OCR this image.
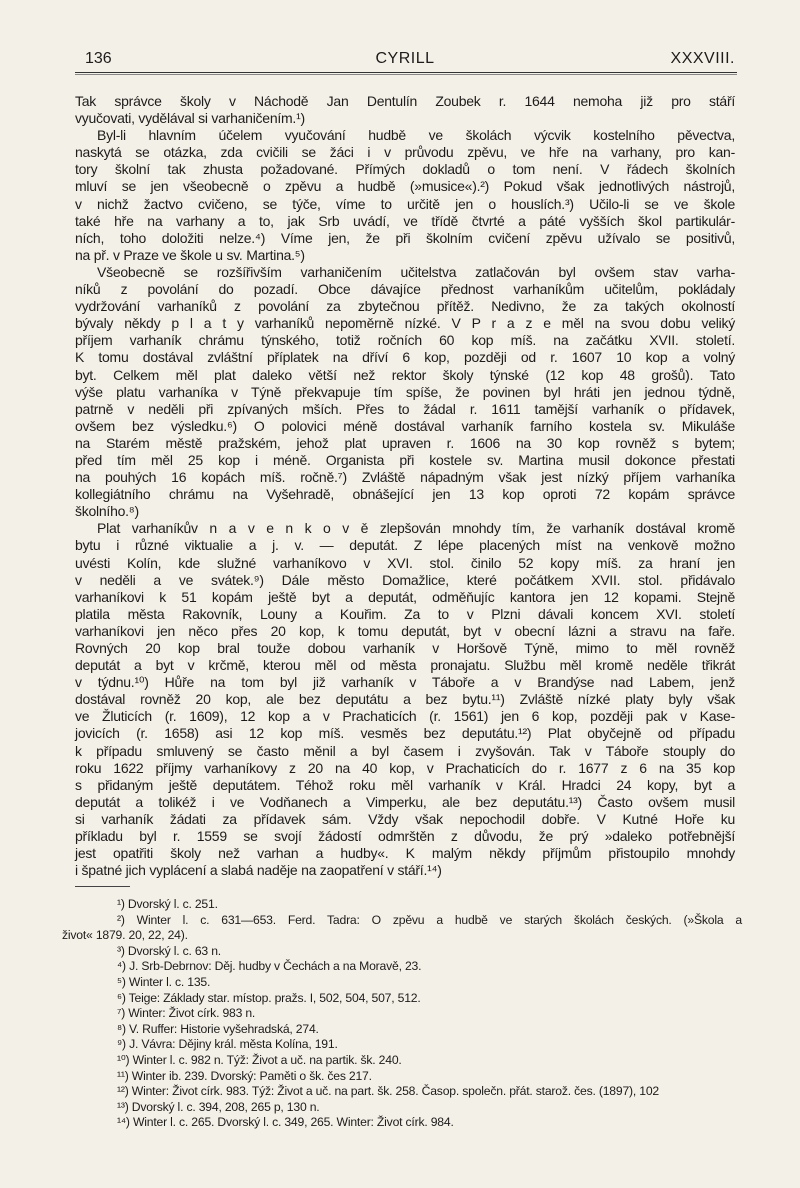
136	CYRILL	XXXVIII.
Tak správce školy v Náchodě Jan Dentulín Zoubek r. 1644 nemoha již pro stáří
vyučovati, vydělával si varhaničením.¹)
Byl-li hlavním účelem vyučování hudbě ve školách výcvik kostelního pěvectva,
naskytá se otázka, zda cvičili se žáci i v průvodu zpěvu, ve hře na varhany, pro kan-
tory školní tak zhusta požadované. Přímých dokladů o tom není. V řádech školních
mluví se jen všeobecně o zpěvu a hudbě (»musice«).²) Pokud však jednotlivých nástrojů,
v nichž žactvo cvičeno, se týče, víme to určitě jen o houslích.³) Učilo-li se ve škole
také hře na varhany a to, jak Srb uvádí, ve třídě čtvrté a páté vyšších škol partikulár-
ních, toho doložiti nelze.⁴) Víme jen, že při školním cvičení zpěvu užívalo se positivů,
na př. v Praze ve škole u sv. Martina.⁵)
Všeobecně se rozšířivším varhaničením učitelstva zatlačován byl ovšem stav varha-
níků z povolání do pozadí. Obce dávajíce přednost varhaníkům učitelům, pokládaly
vydržování varhaníků z povolání za zbytečnou přítěž. Nedivno, že za takých okolností
bývaly někdy p l a t y varhaníků nepoměrně nízké. V P r a z e měl na svou dobu veliký
příjem varhaník chrámu týnského, totiž ročních 60 kop míš. na začátku XVII. století.
K tomu dostával zvláštní příplatek na dříví 6 kop, později od r. 1607 10 kop a volný
byt. Celkem měl plat daleko větší než rektor školy týnské (12 kop 48 grošů). Tato
výše platu varhaníka v Týně překvapuje tím spíše, že povinen byl hráti jen jednou týdně,
patrně v neděli při zpívaných mších. Přes to žádal r. 1611 tamější varhaník o přídavek,
ovšem bez výsledku.⁶) O polovici méně dostával varhaník farního kostela sv. Mikuláše
na Starém městě pražském, jehož plat upraven r. 1606 na 30 kop rovněž s bytem;
před tím měl 25 kop i méně. Organista při kostele sv. Martina musil dokonce přestati
na pouhých 16 kopách míš. ročně.⁷) Zvláště nápadným však jest nízký příjem varhaníka
kollegiátního chrámu na Vyšehradě, obnášející jen 13 kop oproti 72 kopám správce
školního.⁸)
Plat varhaníkův n a v e n k o v ě zlepšován mnohdy tím, že varhaník dostával kromě
bytu i různé viktualie a j. v. — deputát. Z lépe placených míst na venkově možno
uvésti Kolín, kde služné varhaníkovo v XVI. stol. činilo 52 kopy míš. za hraní jen
v neděli a ve svátek.⁹) Dále město Domažlice, které počátkem XVII. stol. přidávalo
varhaníkovi k 51 kopám ještě byt a deputát, odměňujíc kantora jen 12 kopami. Stejně
platila města Rakovník, Louny a Kouřim. Za to v Plzni dávali koncem XVI. století
varhaníkovi jen něco přes 20 kop, k tomu deputát, byt v obecní lázni a stravu na faře.
Rovných 20 kop bral touže dobou varhaník v Horšově Týně, mimo to měl rovněž
deputát a byt v krčmě, kterou měl od města pronajatu. Službu měl kromě neděle třikrát
v týdnu.¹⁰) Hůře na tom byl již varhaník v Táboře a v Brandýse nad Labem, jenž
dostával rovněž 20 kop, ale bez deputátu a bez bytu.¹¹) Zvláště nízké platy byly však
ve Žluticích (r. 1609), 12 kop a v Prachaticích (r. 1561) jen 6 kop, později pak v Kase-
jovicích (r. 1658) asi 12 kop míš. vesměs bez deputátu.¹²) Plat obyčejně od případu
k případu smluvený se často měnil a byl časem i zvyšován. Tak v Táboře stouply do
roku 1622 příjmy varhaníkovy z 20 na 40 kop, v Prachaticích do r. 1677 z 6 na 35 kop
s přidaným ještě deputátem. Téhož roku měl varhaník v Král. Hradci 24 kopy, byt a
deputát a tolikéž i ve Vodňanech a Vimperku, ale bez deputátu.¹³) Často ovšem musil
si varhaník žádati za přídavek sám. Vždy však nepochodil dobře. V Kutné Hoře ku
příkladu byl r. 1559 se svojí žádostí odmrštěn z důvodu, že prý »daleko potřebnější
jest opatřiti školy než varhan a hudby«. K malým někdy příjmům přistoupilo mnohdy
i špatné jich vyplácení a slabá naděje na zaopatření v stáří.¹⁴)
¹) Dvorský l. c. 251.
²) Winter l. c. 631—653. Ferd. Tadra: O zpěvu a hudbě ve starých školách českých. (»Škola a
život« 1879. 20, 22, 24).
³) Dvorský l. c. 63 n.
⁴) J. Srb-Debrnov: Děj. hudby v Čechách a na Moravě, 23.
⁵) Winter l. c. 135.
⁶) Teige: Základy star. místop. pražs. I, 502, 504, 507, 512.
⁷) Winter: Život círk. 983 n.
⁸) V. Ruffer: Historie vyšehradská, 274.
⁹) J. Vávra: Dějiny král. města Kolína, 191.
¹⁰) Winter l. c. 982 n. Týž: Život a uč. na partik. šk. 240.
¹¹) Winter ib. 239. Dvorský: Paměti o šk. čes 217.
¹²) Winter: Život círk. 983. Týž: Život a uč. na part. šk. 258. Časop. společn. přát. starož. čes. (1897), 102
¹³) Dvorský l. c. 394, 208, 265 p, 130 n.
¹⁴) Winter l. c. 265. Dvorský l. c. 349, 265. Winter: Život círk. 984.
